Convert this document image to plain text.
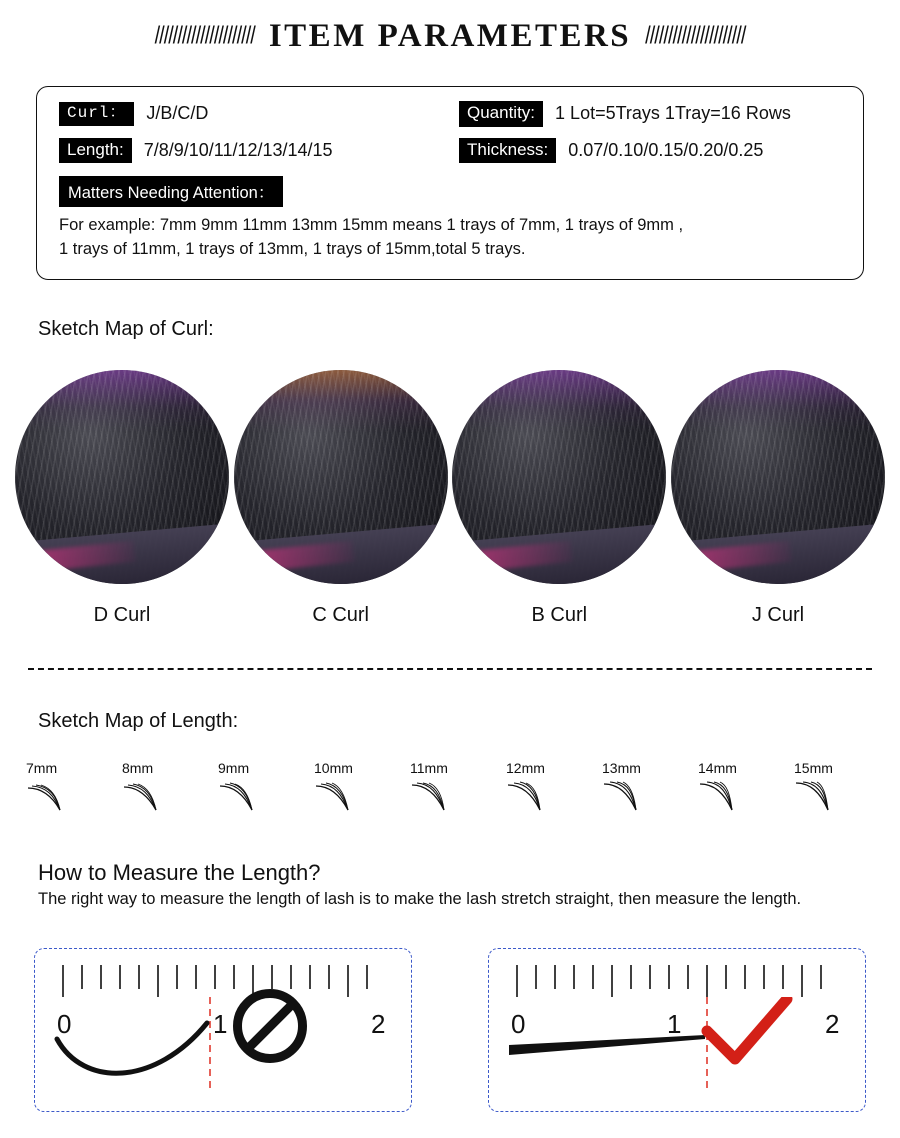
////////////////////// ITEM PARAMETERS //////////////////////
Curl：	J/B/C/D	Quantity:	1 Lot=5Trays 1Tray=16 Rows
Length:	7/8/9/10/11/12/13/14/15	Thickness:	0.07/0.10/0.15/0.20/0.25
Matters Needing Attention：
For example: 7mm 9mm 11mm 13mm 15mm means 1 trays of 7mm, 1 trays of 9mm ,
1 trays of 11mm, 1 trays of 13mm, 1 trays of 15mm,total 5 trays.
Sketch Map of Curl:
D Curl	C Curl	B Curl	J Curl
Sketch Map of Length:
7mm	8mm	9mm	10mm	11mm	12mm	13mm	14mm	15mm
How to Measure the Length?
The right way to measure the length of lash is to make the lash stretch straight, then measure the length.
0	1	2	0	1	2
